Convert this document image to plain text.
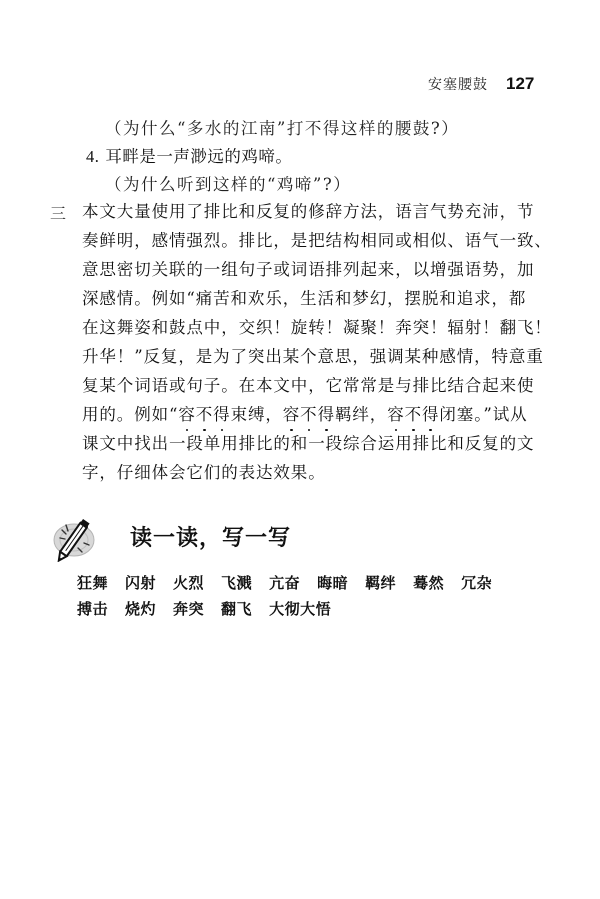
安塞腰鼓 127
（为什么“多水的江南”打不得这样的腰鼓?）
4. 耳畔是一声渺远的鸡啼。
（为什么听到这样的“鸡啼”?）
三 本文大量使用了排比和反复的修辞方法，语言气势充沛，节
奏鲜明，感情强烈。排比，是把结构相同或相似、语气一致、
意思密切关联的一组句子或词语排列起来，以增强语势，加
深感情。例如“痛苦和欢乐，生活和梦幻，摆脱和追求，都
在这舞姿和鼓点中，交织！旋转！凝聚！奔突！辐射！翻飞！
升华！”反复，是为了突出某个意思，强调某种感情，特意重
复某个词语或句子。在本文中，它常常是与排比结合起来使
用的。例如“容不得束缚，容不得羁绊，容不得闭塞。”试从
课文中找出一段单用排比的和一段综合运用排比和反复的文
字，仔细体会它们的表达效果。
读一读，写一写
狂舞 闪射 火烈 飞溅 亢奋 晦暗 羁绊 蓦然 冗杂
搏击 烧灼 奔突 翻飞 大彻大悟
